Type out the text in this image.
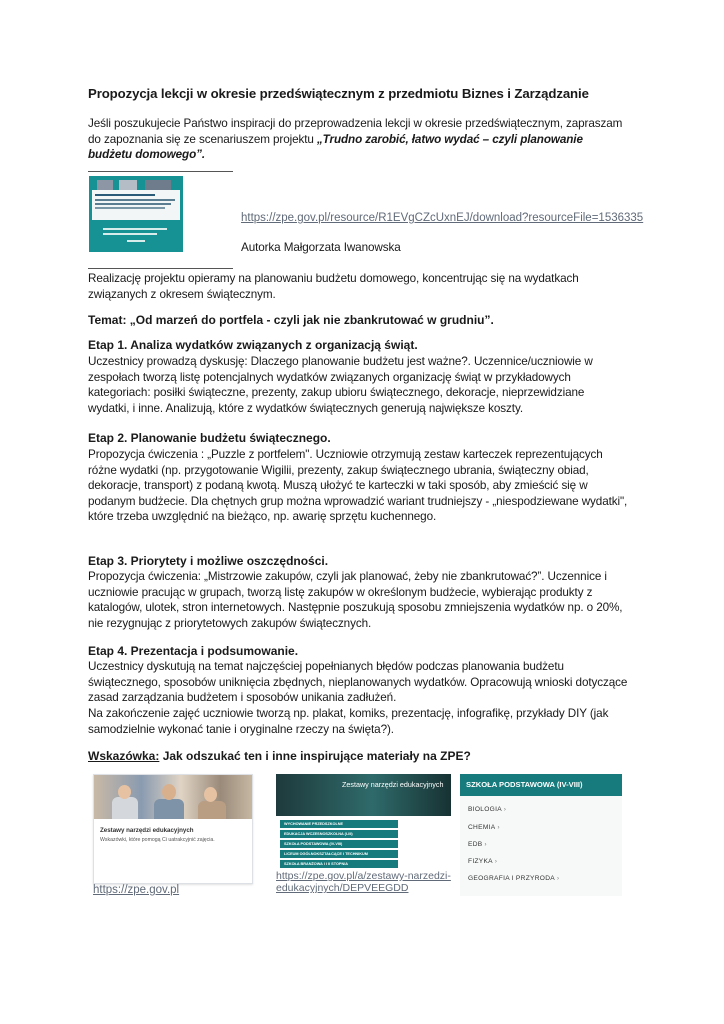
Propozycja lekcji w okresie przedświątecznym z przedmiotu Biznes i Zarządzanie
Jeśli poszukujecie Państwo inspiracji do przeprowadzenia lekcji w okresie przedświątecznym, zapraszam do zapoznania się ze scenariuszem projektu „Trudno zarobić, łatwo wydać – czyli planowanie budżetu domowego”.
https://zpe.gov.pl/resource/R1EVgCZcUxnEJ/download?resourceFile=1536335
Autorka Małgorzata Iwanowska
Realizację projektu opieramy na planowaniu budżetu domowego, koncentrując się na wydatkach związanych z okresem świątecznym.
Temat: „Od marzeń do portfela - czyli jak nie zbankrutować w grudniu”.
Etap 1. Analiza wydatków związanych z organizacją świąt.
Uczestnicy prowadzą dyskusję: Dlaczego planowanie budżetu jest ważne?. Uczennice/uczniowie w zespołach tworzą listę potencjalnych wydatków związanych organizację świąt w przykładowych kategoriach: posiłki świąteczne, prezenty, zakup ubioru świątecznego, dekoracje, nieprzewidziane wydatki, i inne. Analizują, które z wydatków świątecznych generują największe koszty.
Etap 2. Planowanie budżetu świątecznego.
Propozycja ćwiczenia : „Puzzle z portfelem". Uczniowie otrzymują zestaw karteczek reprezentujących różne wydatki (np. przygotowanie Wigilii, prezenty, zakup świątecznego ubrania, świąteczny obiad, dekoracje, transport) z podaną kwotą. Muszą ułożyć te karteczki w taki sposób, aby zmieścić się w podanym budżecie. Dla chętnych grup można wprowadzić wariant trudniejszy - „niespodziewane wydatki", które trzeba uwzględnić na bieżąco, np. awarię sprzętu kuchennego.
Etap 3. Priorytety i możliwe oszczędności.
Propozycja ćwiczenia: „Mistrzowie zakupów, czyli jak planować, żeby nie zbankrutować?”. Uczennice i uczniowie pracując w grupach, tworzą listę zakupów w określonym budżecie, wybierając produkty z katalogów, ulotek, stron internetowych. Następnie poszukują sposobu zmniejszenia wydatków np. o 20%, nie rezygnując z priorytetowych zakupów świątecznych.
Etap 4. Prezentacja i podsumowanie.
Uczestnicy dyskutują na temat najczęściej popełnianych błędów podczas planowania budżetu świątecznego, sposobów uniknięcia zbędnych, nieplanowanych wydatków. Opracowują wnioski dotyczące zasad zarządzania budżetem i sposobów unikania zadłużeń.
Na zakończenie zajęć uczniowie tworzą np. plakat, komiks, prezentację, infografikę, przykłady DIY (jak samodzielnie wykonać tanie i oryginalne rzeczy na święta?).
Wskazówka: Jak odszukać ten i inne inspirujące materiały na ZPE?
Zestawy narzędzi edukacyjnych
Wskazówki, które pomogą Ci uatrakcyjnić zajęcia.
https://zpe.gov.pl
Zestawy narzędzi edukacyjnych
WYCHOWANIE PRZEDSZKOLNE
EDUKACJA WCZESNOSZKOLNA (I-III)
SZKOŁA PODSTAWOWA (IV-VIII)
LICEUM OGÓLNOKSZTAŁCĄCE I TECHNIKUM
SZKOŁA BRANŻOWA I I II STOPNIA
https://zpe.gov.pl/a/zestawy-narzedzi-
edukacyjnych/DEPVEEGDD
SZKOŁA PODSTAWOWA (IV-VIII)
BIOLOGIA ›
CHEMIA ›
EDB ›
FIZYKA ›
GEOGRAFIA I PRZYRODA ›
